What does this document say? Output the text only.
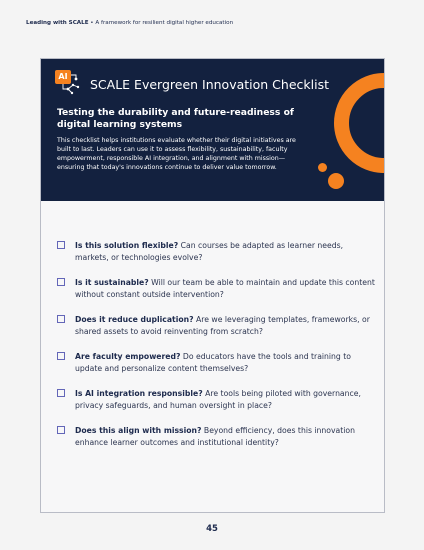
Leading with SCALE • A framework for resilient digital higher education
AI
SCALE Evergreen Innovation Checklist
Testing the durability and future-readiness of digital learning systems
This checklist helps institutions evaluate whether their digital initiatives are built to last. Leaders can use it to assess flexibility, sustainability, faculty empowerment, responsible AI integration, and alignment with mission—ensuring that today's innovations continue to deliver value tomorrow.
Is this solution flexible? Can courses be adapted as learner needs, markets, or technologies evolve?
Is it sustainable? Will our team be able to maintain and update this content without constant outside intervention?
Does it reduce duplication? Are we leveraging templates, frameworks, or shared assets to avoid reinventing from scratch?
Are faculty empowered? Do educators have the tools and training to update and personalize content themselves?
Is AI integration responsible? Are tools being piloted with governance, privacy safeguards, and human oversight in place?
Does this align with mission? Beyond efficiency, does this innovation enhance learner outcomes and institutional identity?
45
